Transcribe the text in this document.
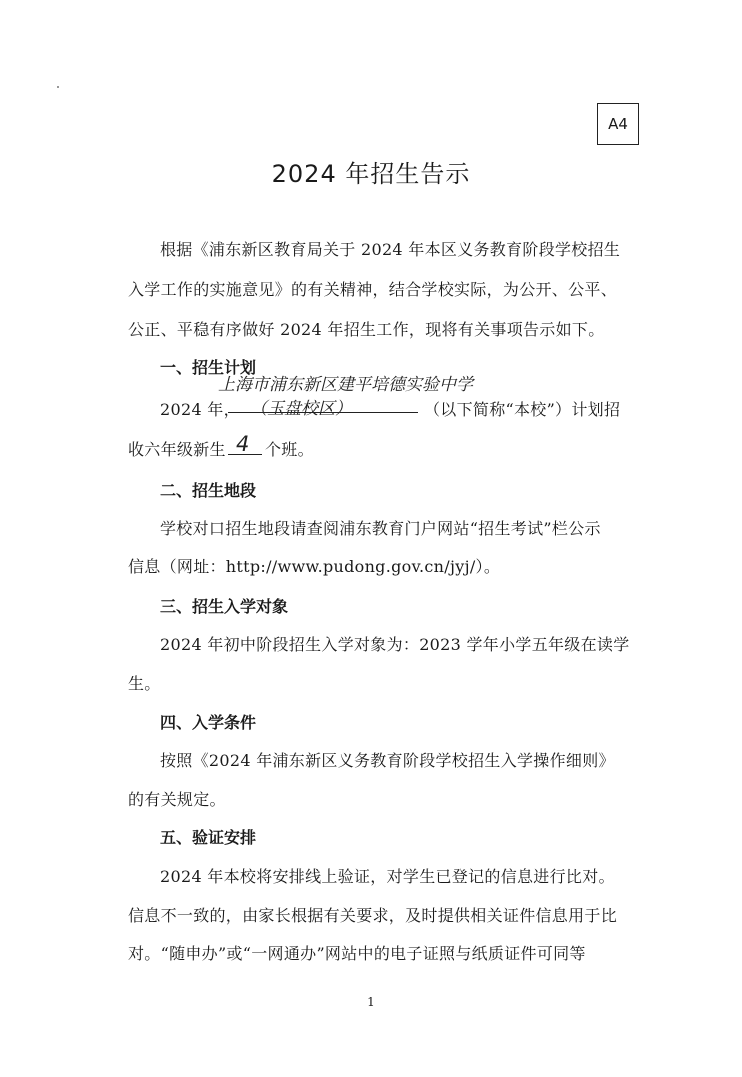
A4
2024 年招生告示
根据《浦东新区教育局关于 2024 年本区义务教育阶段学校招生
入学工作的实施意见》的有关精神，结合学校实际，为公开、公平、
公正、平稳有序做好 2024 年招生工作，现将有关事项告示如下。
一、招生计划
上海市浦东新区建平培德实验中学
2024 年， （玉盘校区）	（以下简称“本校”）计划招
收六年级新生 4 个班。
二、招生地段
学校对口招生地段请查阅浦东教育门户网站“招生考试”栏公示
信息（网址：http://www.pudong.gov.cn/jyj/）。
三、招生入学对象
2024 年初中阶段招生入学对象为：2023 学年小学五年级在读学
生。
四、入学条件
按照《2024 年浦东新区义务教育阶段学校招生入学操作细则》
的有关规定。
五、验证安排
2024 年本校将安排线上验证，对学生已登记的信息进行比对。
信息不一致的，由家长根据有关要求，及时提供相关证件信息用于比
对。“随申办”或“一网通办”网站中的电子证照与纸质证件可同等
1
